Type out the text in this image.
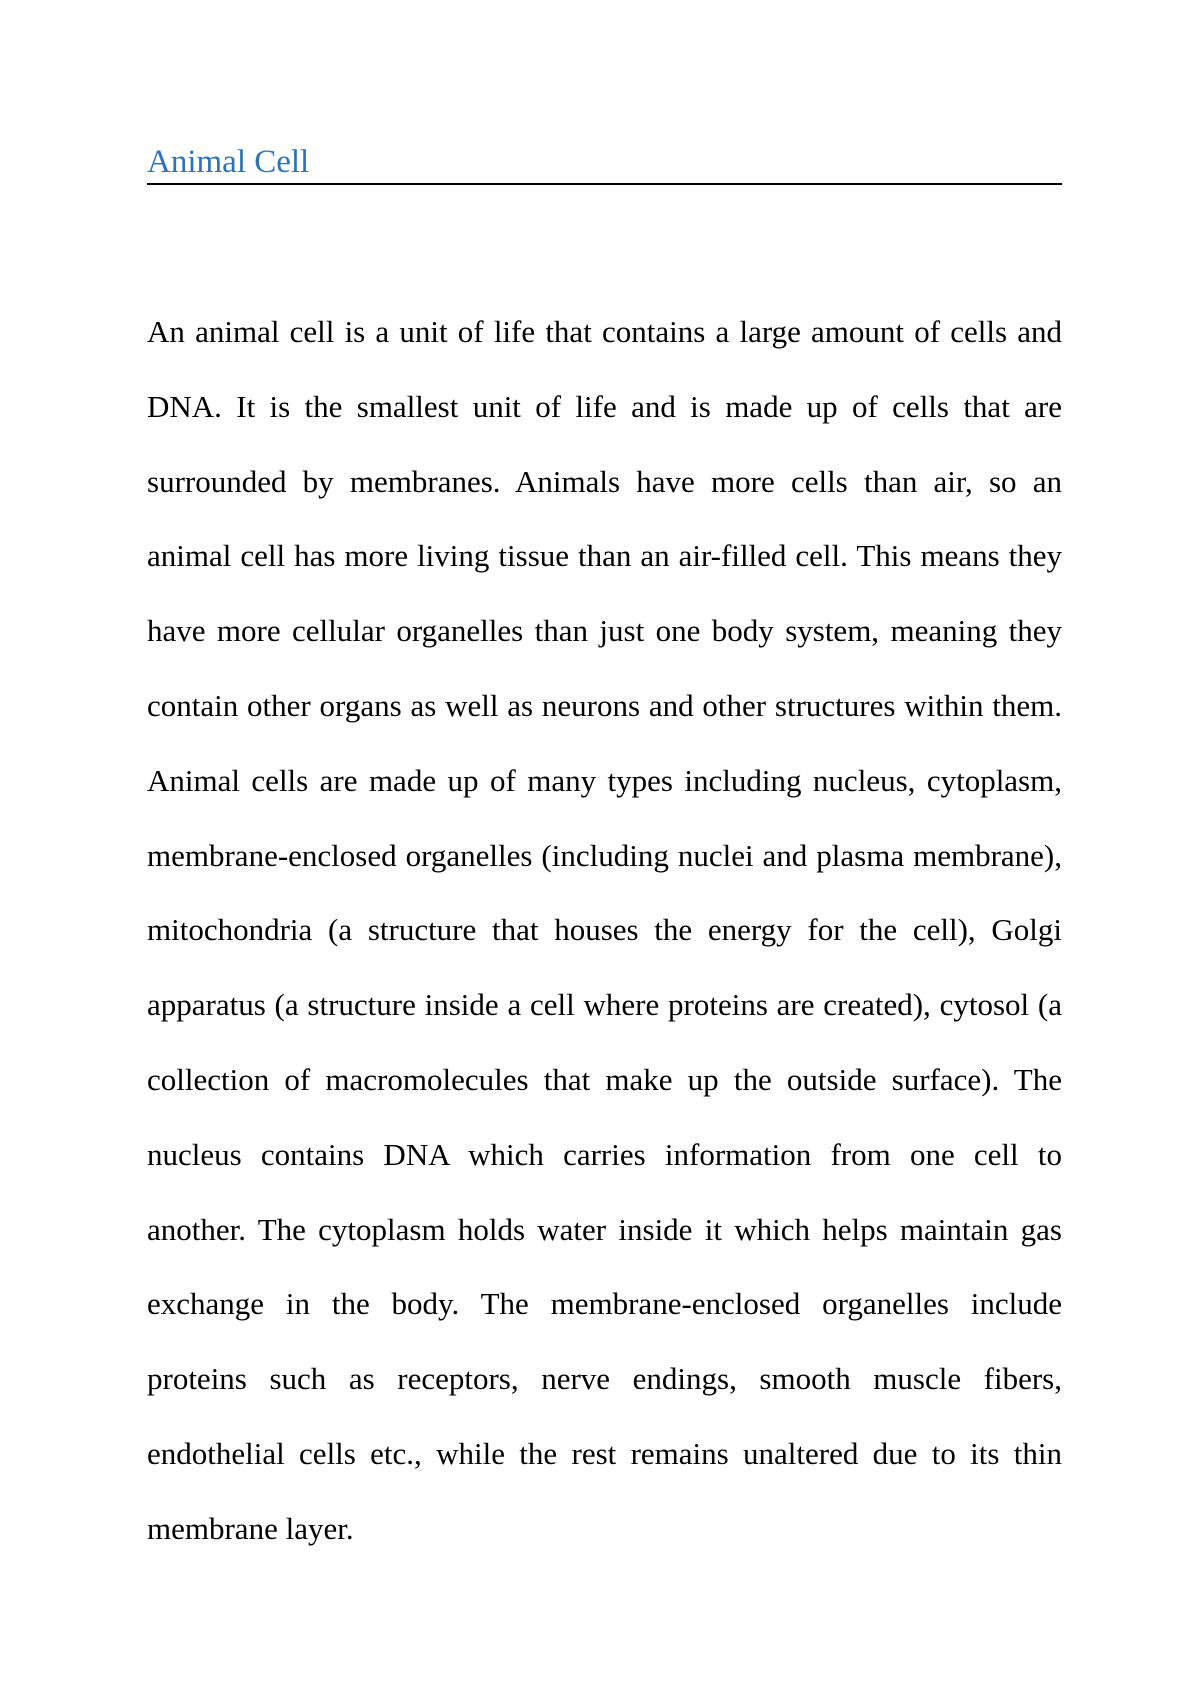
Animal Cell

An animal cell is a unit of life that contains a large amount of cells and DNA. It is the smallest unit of life and is made up of cells that are surrounded by membranes. Animals have more cells than air, so an animal cell has more living tissue than an air-filled cell. This means they have more cellular organelles than just one body system, meaning they contain other organs as well as neurons and other structures within them. Animal cells are made up of many types including nucleus, cytoplasm, membrane-enclosed organelles (including nuclei and plasma membrane), mitochondria (a structure that houses the energy for the cell), Golgi apparatus (a structure inside a cell where proteins are created), cytosol (a collection of macromolecules that make up the outside surface). The nucleus contains DNA which carries information from one cell to another. The cytoplasm holds water inside it which helps maintain gas exchange in the body. The membrane-enclosed organelles include proteins such as receptors, nerve endings, smooth muscle fibers, endothelial cells etc., while the rest remains unaltered due to its thin membrane layer.
